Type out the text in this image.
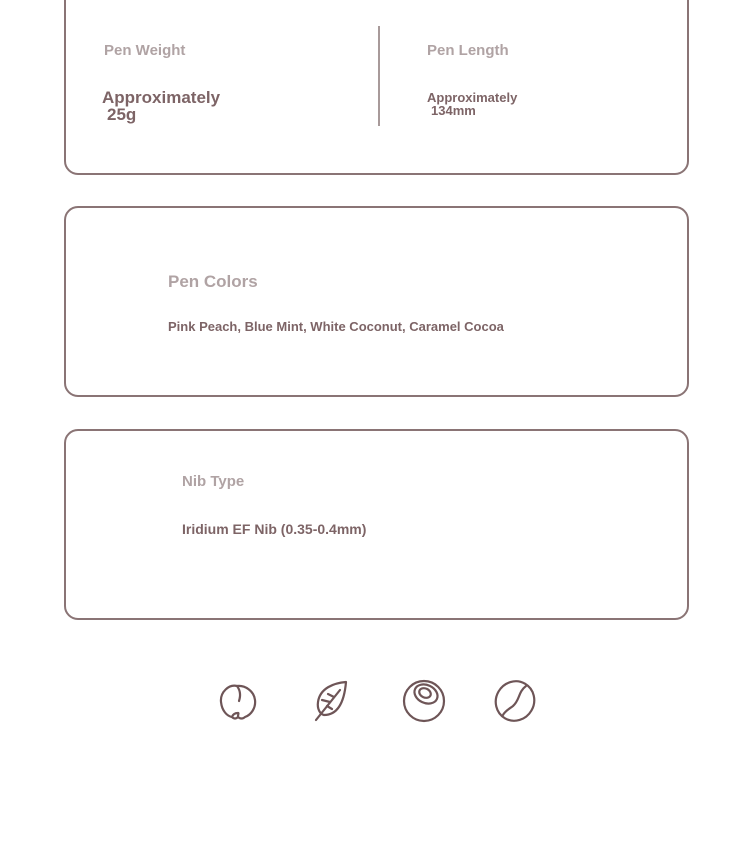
Pen Weight
Approximately
25g
Pen Length
Approximately
134mm
Pen Colors
Pink Peach, Blue Mint, White Coconut, Caramel Cocoa
Nib Type
Iridium EF Nib (0.35-0.4mm)
